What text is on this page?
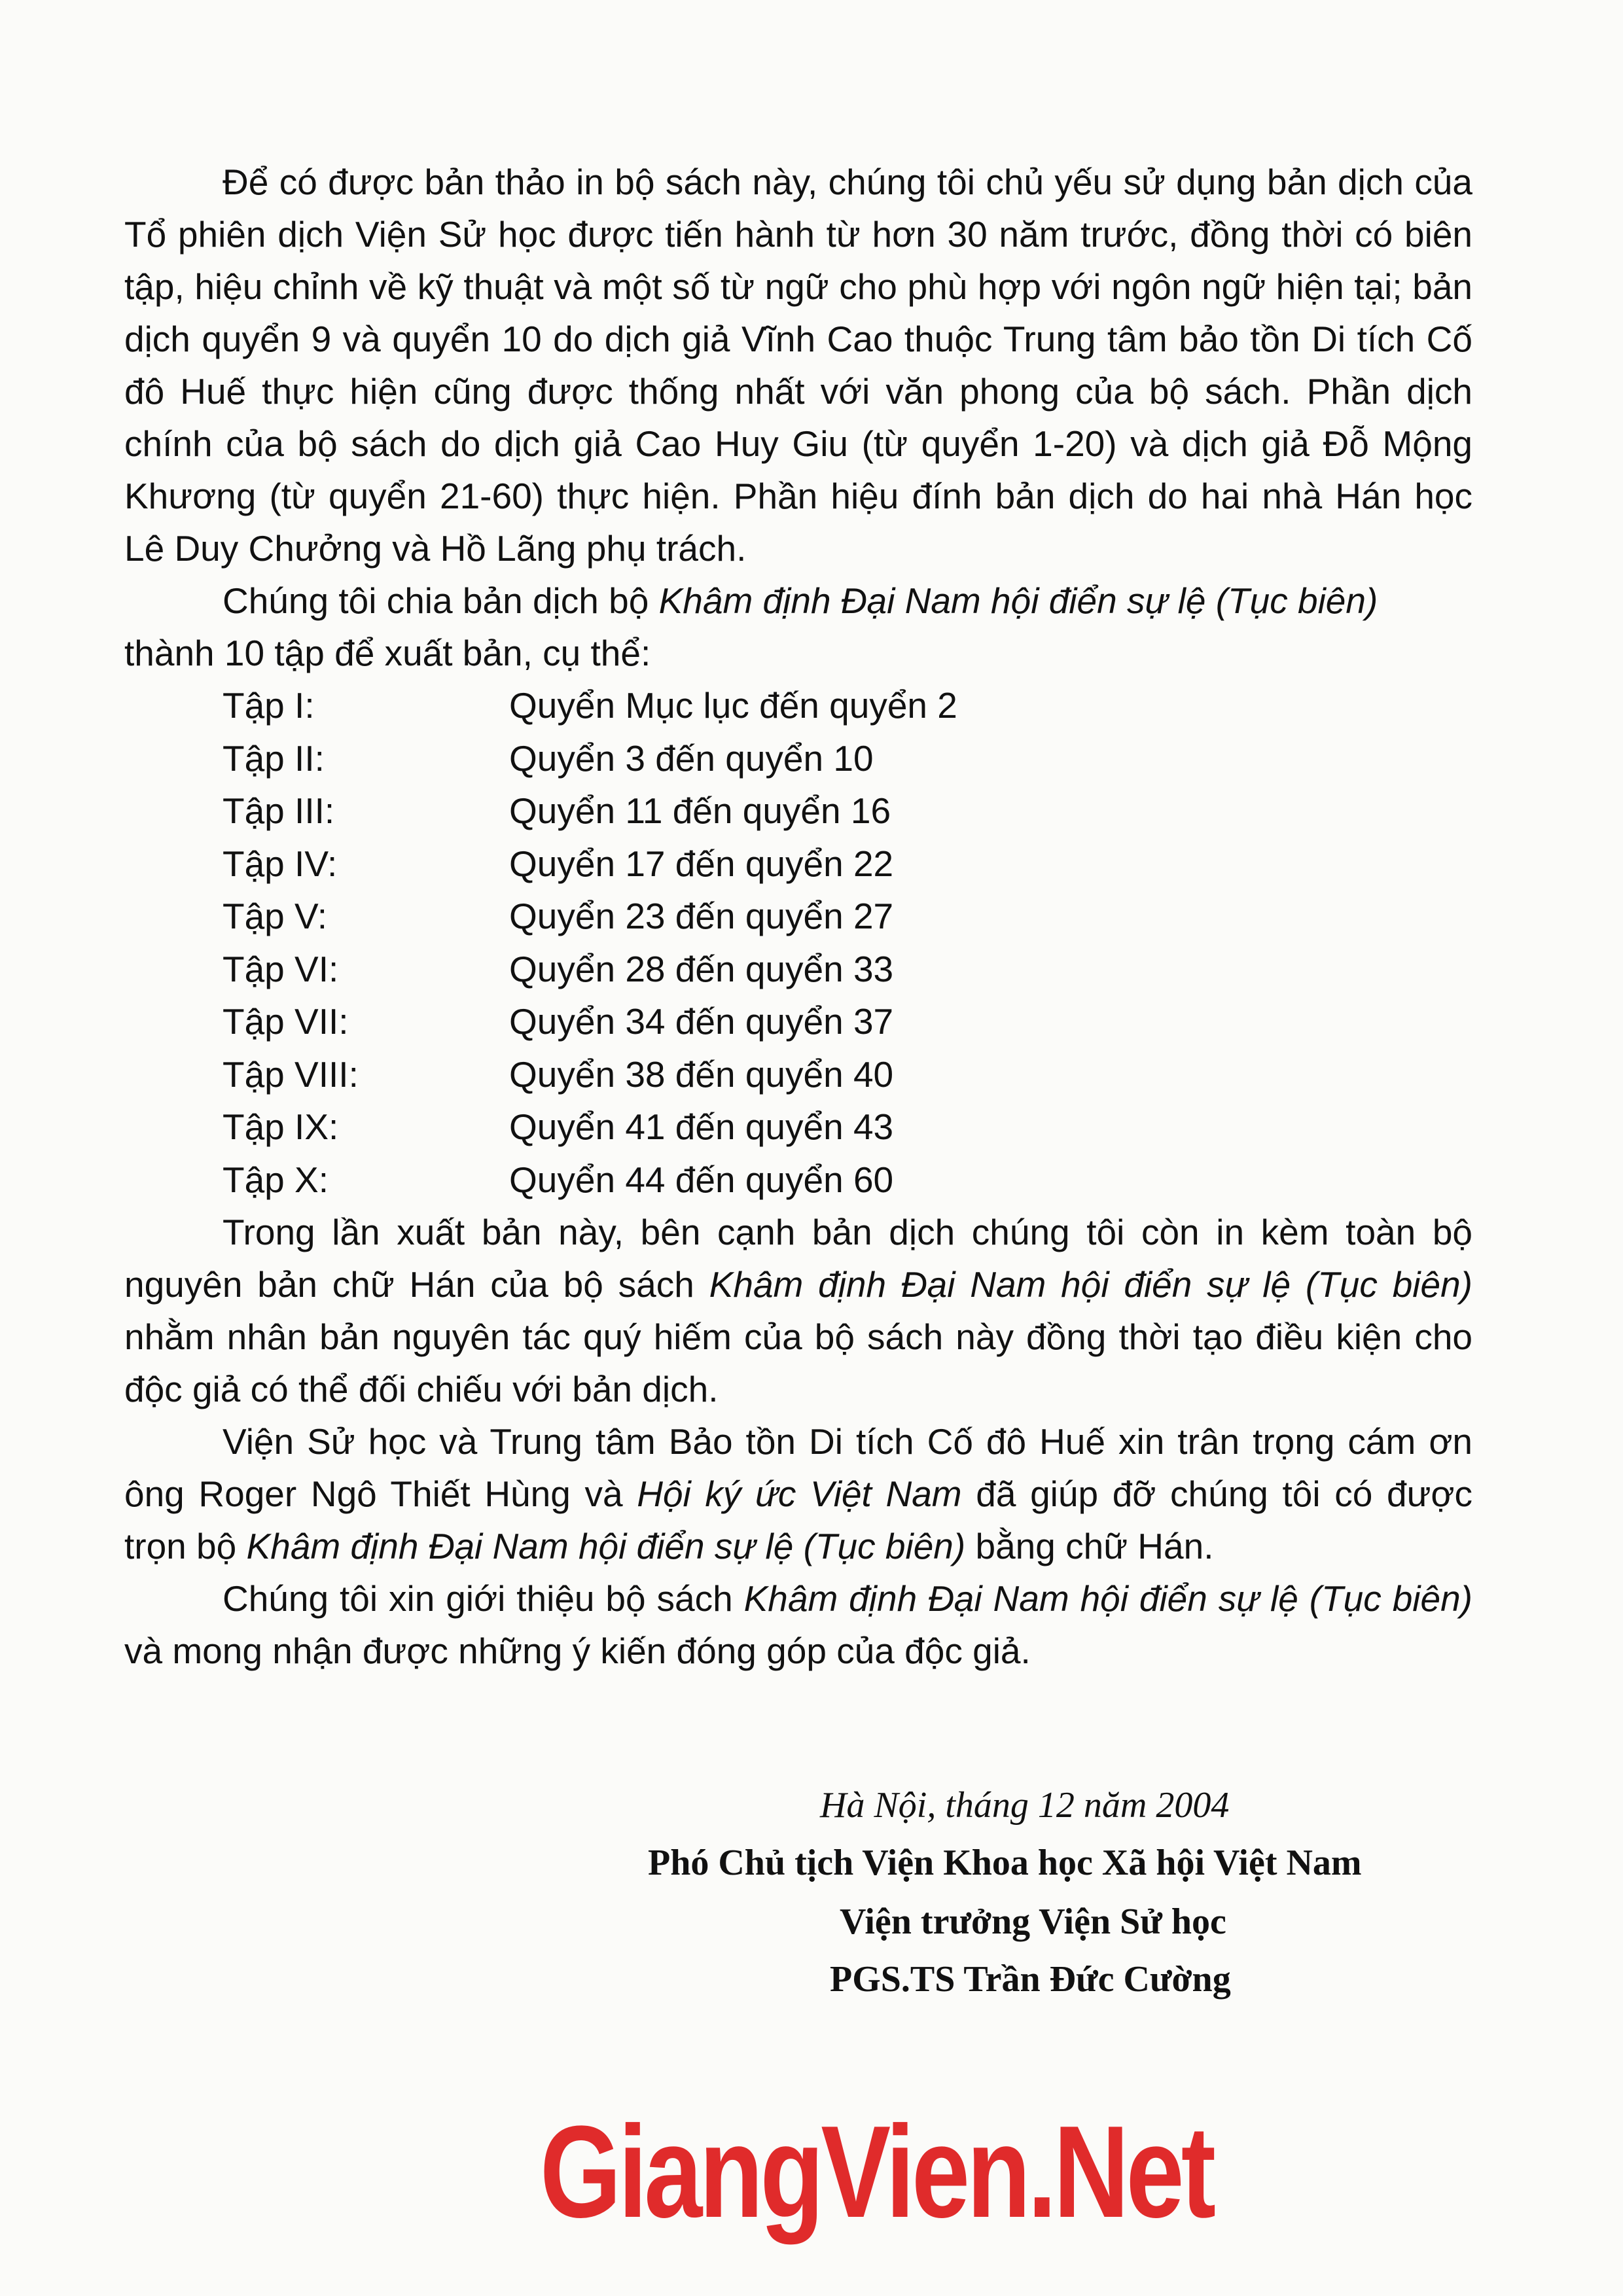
Để có được bản thảo in bộ sách này, chúng tôi chủ yếu sử dụng bản dịch của Tổ phiên dịch Viện Sử học được tiến hành từ hơn 30 năm trước, đồng thời có biên tập, hiệu chỉnh về kỹ thuật và một số từ ngữ cho phù hợp với ngôn ngữ hiện tại; bản dịch quyển 9 và quyển 10 do dịch giả Vĩnh Cao thuộc Trung tâm bảo tồn Di tích Cố đô Huế thực hiện cũng được thống nhất với văn phong của bộ sách. Phần dịch chính của bộ sách do dịch giả Cao Huy Giu (từ quyển 1-20) và dịch giả Đỗ Mộng Khương (từ quyển 21-60) thực hiện. Phần hiệu đính bản dịch do hai nhà Hán học Lê Duy Chưởng và Hồ Lãng phụ trách.

Chúng tôi chia bản dịch bộ Khâm định Đại Nam hội điển sự lệ (Tục biên) thành 10 tập để xuất bản, cụ thể:

Tập I:	Quyển Mục lục đến quyển 2
Tập II:	Quyển 3 đến quyển 10
Tập III:	Quyển 11 đến quyển 16
Tập IV:	Quyển 17 đến quyển 22
Tập V:	Quyển 23 đến quyển 27
Tập VI:	Quyển 28 đến quyển 33
Tập VII:	Quyển 34 đến quyển 37
Tập VIII:	Quyển 38 đến quyển 40
Tập IX:	Quyển 41 đến quyển 43
Tập X:	Quyển 44 đến quyển 60

Trong lần xuất bản này, bên cạnh bản dịch chúng tôi còn in kèm toàn bộ nguyên bản chữ Hán của bộ sách Khâm định Đại Nam hội điển sự lệ (Tục biên) nhằm nhân bản nguyên tác quý hiếm của bộ sách này đồng thời tạo điều kiện cho độc giả có thể đối chiếu với bản dịch.

Viện Sử học và Trung tâm Bảo tồn Di tích Cố đô Huế xin trân trọng cám ơn ông Roger Ngô Thiết Hùng và Hội ký ức Việt Nam đã giúp đỡ chúng tôi có được trọn bộ Khâm định Đại Nam hội điển sự lệ (Tục biên) bằng chữ Hán.

Chúng tôi xin giới thiệu bộ sách Khâm định Đại Nam hội điển sự lệ (Tục biên) và mong nhận được những ý kiến đóng góp của độc giả.

Hà Nội, tháng 12 năm 2004
Phó Chủ tịch Viện Khoa học Xã hội Việt Nam
Viện trưởng Viện Sử học
PGS.TS Trần Đức Cường
GiangVien.Net
